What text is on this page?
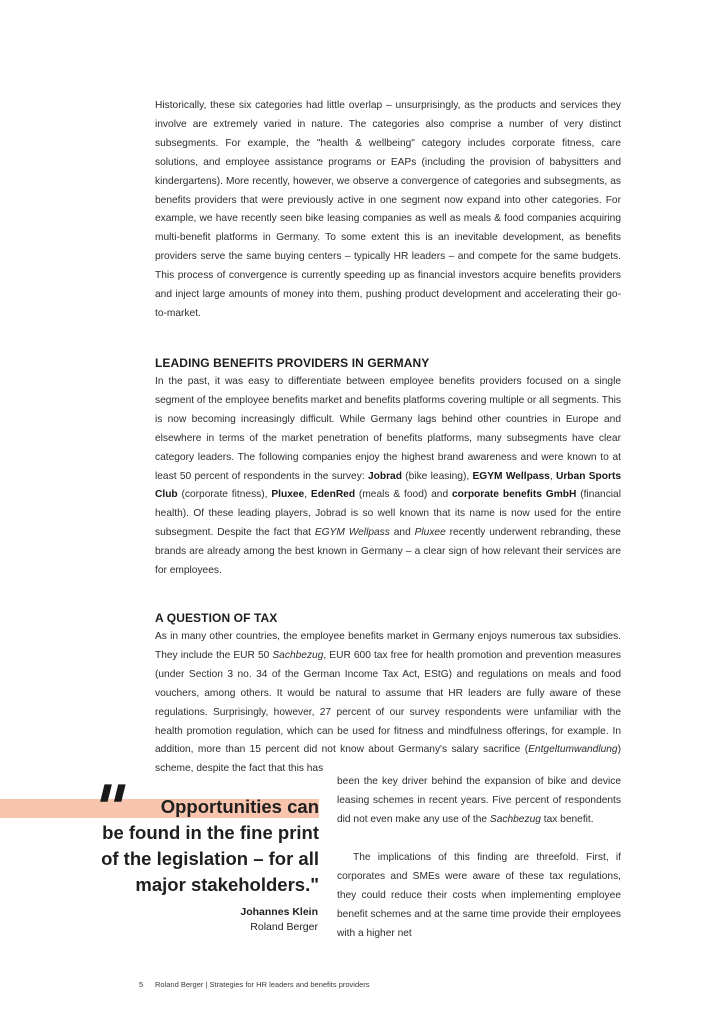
Historically, these six categories had little overlap – unsurprisingly, as the products and services they involve are extremely varied in nature. The categories also comprise a number of very distinct subsegments. For example, the "health & wellbeing" category includes corporate fitness, care solutions, and employee assistance programs or EAPs (including the provision of babysitters and kindergartens). More recently, however, we observe a convergence of categories and subsegments, as benefits providers that were previously active in one segment now expand into other categories. For example, we have recently seen bike leasing companies as well as meals & food companies acquiring multi-benefit platforms in Germany. To some extent this is an inevitable development, as benefits providers serve the same buying centers – typically HR leaders – and compete for the same budgets. This process of convergence is currently speeding up as financial investors acquire benefits providers and inject large amounts of money into them, pushing product development and accelerating their go-to-market.

LEADING BENEFITS PROVIDERS IN GERMANY

In the past, it was easy to differentiate between employee benefits providers focused on a single segment of the employee benefits market and benefits platforms covering multiple or all segments. This is now becoming increasingly difficult. While Germany lags behind other countries in Europe and elsewhere in terms of the market penetration of benefits platforms, many subsegments have clear category leaders. The following companies enjoy the highest brand awareness and were known to at least 50 percent of respondents in the survey: Jobrad (bike leasing), EGYM Wellpass, Urban Sports Club (corporate fitness), Pluxee, EdenRed (meals & food) and corporate benefits GmbH (financial health). Of these leading players, Jobrad is so well known that its name is now used for the entire subsegment. Despite the fact that EGYM Wellpass and Pluxee recently underwent rebranding, these brands are already among the best known in Germany – a clear sign of how relevant their services are for employees.

A QUESTION OF TAX

As in many other countries, the employee benefits market in Germany enjoys numerous tax subsidies. They include the EUR 50 Sachbezug, EUR 600 tax free for health promotion and prevention measures (under Section 3 no. 34 of the German Income Tax Act, EStG) and regulations on meals and food vouchers, among others. It would be natural to assume that HR leaders are fully aware of these regulations. Surprisingly, however, 27 percent of our survey respondents were unfamiliar with the health promotion regulation, which can be used for fitness and mindfulness offerings, for example. In addition, more than 15 percent did not know about Germany's salary sacrifice (Entgeltumwandlung) scheme, despite the fact that this has

been the key driver behind the expansion of bike and device leasing schemes in recent years. Five percent of respondents did not even make any use of the Sachbezug tax benefit.

The implications of this finding are threefold. First, if corporates and SMEs were aware of these tax regulations, they could reduce their costs when implementing employee benefit schemes and at the same time provide their employees with a higher net

" Opportunities can
be found in the fine print
of the legislation – for all
major stakeholders."
Johannes Klein
Roland Berger
5 Roland Berger | Strategies for HR leaders and benefits providers
